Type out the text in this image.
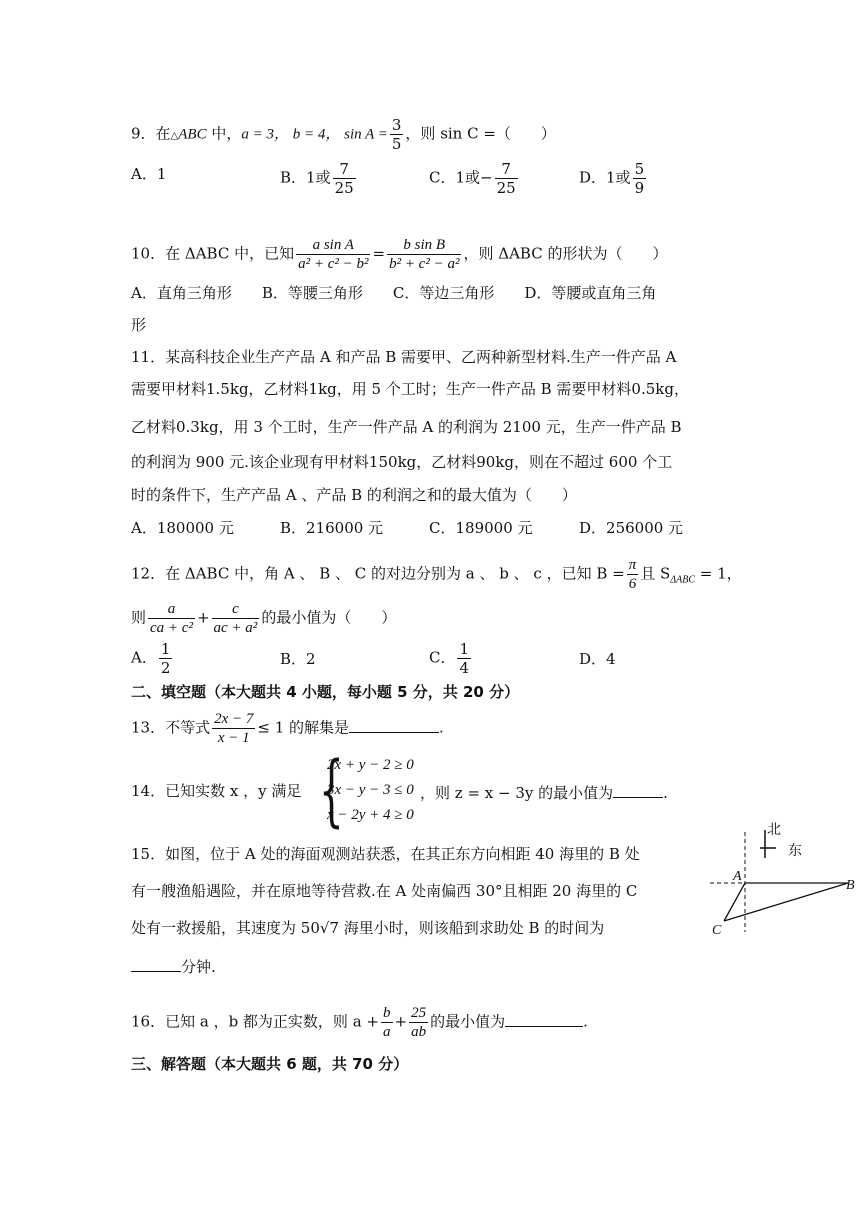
9．在△ABC 中，a = 3， b = 4， $\sin A = \frac{3}{5}$ ，则 sin C =（　　）
A．1	B．1或 $\frac{7}{25}$	C．1或− $\frac{7}{25}$	D．1或 $\frac{5}{9}$
10．在 ΔABC 中，已知 $\frac{\text{a sin A}}{\text{a² + c² − b²}} = \frac{\text{b sin B}}{\text{b² + c² − a²}}$ ，则 ΔABC 的形状为（　　）
A．直角三角形　　B．等腰三角形　　C．等边三角形　　D．等腰或直角三角
形
11．某高科技企业生产产品 A 和产品 B 需要甲、乙两种新型材料.生产一件产品 A
需要甲材料1.5kg，乙材料1kg，用 5 个工时；生产一件产品 B 需要甲材料0.5kg，
乙材料0.3kg，用 3 个工时，生产一件产品 A 的利润为 2100 元，生产一件产品 B
的利润为 900 元.该企业现有甲材料150kg，乙材料90kg，则在不超过 600 个工
时的条件下，生产产品 A 、产品 B 的利润之和的最大值为（　　）
A．180000 元	B．216000 元	C．189000 元	D．256000 元
12．在 ΔABC 中，角 A 、 B 、 C 的对边分别为 a 、 b 、 c ，已知 $B = \frac{\pi}{6}$ 且 $S_{\Delta ABC} = 1$，
则 $\frac{a}{\text{ca + c²}} + \frac{c}{\text{ac + a²}}$ 的最小值为（　　）
A． $\frac{1}{2}$	B．2	C． $\frac{1}{4}$	D．4
二、填空题（本大题共 4 小题，每小题 5 分，共 20 分）
13．不等式 $\frac{2x - 7}{x - 1} \le 1$ 的解集是	.
14．已知实数 x ，y 满足 {
2x + y − 2 ≥ 0
3x − y − 3 ≤ 0
x − 2y + 4 ≥ 0
，则 z = x − 3y 的最小值为	.
15．如图，位于 A 处的海面观测站获悉，在其正东方向相距 40 海里的 B 处
有一艘渔船遇险，并在原地等待营救.在 A 处南偏西 30°且相距 20 海里的 C
处有一救援船，其速度为 50√7 海里小时，则该船到求助处 B 的时间为
分钟.
北
东
A
B
C
16．已知 a ，b 都为正实数，则 $a + \frac{b}{a} + \frac{25}{ab}$ 的最小值为	.
三、解答题（本大题共 6 题，共 70 分）
